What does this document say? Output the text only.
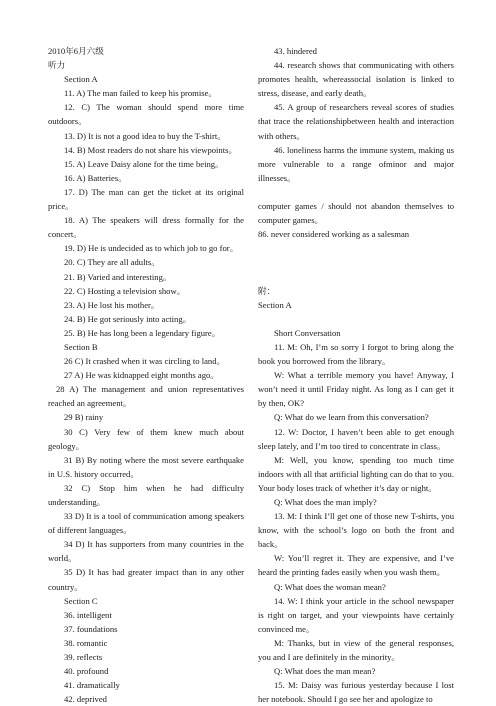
2010年6月六级
听力
Section A
11. A) The man failed to keep his promise。
12. C) The woman should spend more time outdoors。
13. D) It is not a good idea to buy the T-shirt。
14. B) Most readers do not share his viewpoints。
15. A) Leave Daisy alone for the time being。
16. A) Batteries。
17. D) The man can get the ticket at its original price。
18. A) The speakers will dress formally for the concert。
19. D) He is undecided as to which job to go for。
20. C) They are all adults。
21. B) Varied and interesting。
22. C) Hosting a television show。
23. A) He lost his mother。
24. B) He got seriously into acting。
25. B) He has long been a legendary figure。
Section B
26 C) It crashed when it was circling to land。
27 A) He was kidnapped eight months ago。
28 A) The management and union representatives reached an agreement。
29 B) rainy
30 C) Very few of them knew much about geology。
31 B) By noting where the most severe earthquake in U.S. history occurred。
32 C) Stop him when he had difficulty understanding。
33 D) It is a tool of communication among speakers of different languages。
34 D) It has supporters from many countries in the world。
35 D) It has had greater impact than in any other country。
Section C
36. intelligent
37. foundations
38. romantic
39. reflects
40. profound
41. dramatically
42. deprived
43. hindered
44. research shows that communicating with others promotes health, whereassocial isolation is linked to stress, disease, and early death。
45. A group of researchers reveal scores of studies that trace the relationshipbetween health and interaction with others。
46. loneliness harms the immune system, making us more vulnerable to a range ofminor and major illnesses。
computer games / should not abandon themselves to computer games。
86. never considered working as a salesman
附：
Section A
Short Conversation
11. M: Oh, I’m so sorry I forgot to bring along the book you borrowed from the library。
W: What a terrible memory you have! Anyway, I won’t need it until Friday night. As long as I can get it by then, OK?
Q: What do we learn from this conversation?
12. W: Doctor, I haven’t been able to get enough sleep lately, and I’m too tired to concentrate in class。
M: Well, you know, spending too much time indoors with all that artificial lighting can do that to you. Your body loses track of whether it’s day or night。
Q: What does the man imply?
13. M: I think I’ll get one of those new T-shirts, you know, with the school’s logo on both the front and back。
W: You’ll regret it. They are expensive, and I’ve heard the printing fades easily when you wash them。
Q: What does the woman mean?
14. W: I think your article in the school newspaper is right on target, and your viewpoints have certainly convinced me。
M: Thanks, but in view of the general responses, you and I are definitely in the minority。
Q: What does the man mean?
15. M: Daisy was furious yesterday because I lost her notebook. Should I go see her and apologize to
